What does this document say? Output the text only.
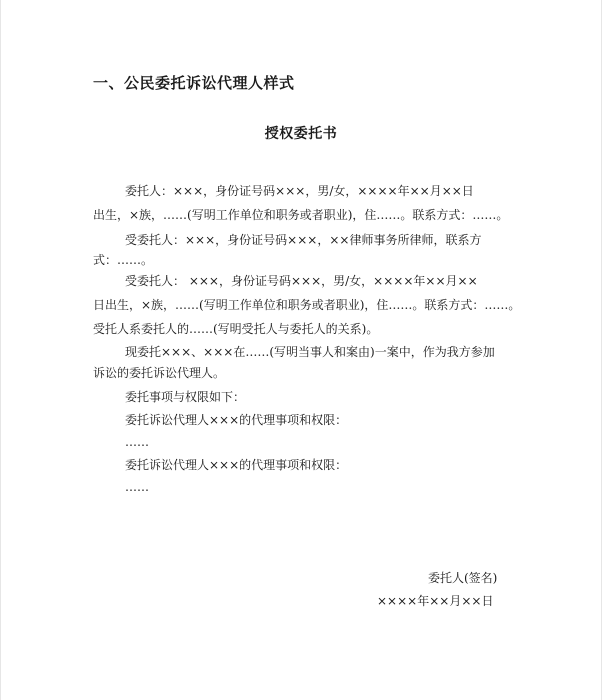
一、公民委托诉讼代理人样式
授权委托书
委托人：×××，身份证号码×××，男/女，××××年××月××日
出生，×族，……(写明工作单位和职务或者职业)，住……。联系方式：……。
受委托人：×××，身份证号码×××，××律师事务所律师，联系方
式：……。
受委托人： ×××，身份证号码×××，男/女，××××年××月××
日出生，×族，……(写明工作单位和职务或者职业)，住……。联系方式：……。
受托人系委托人的……(写明受托人与委托人的关系)。
现委托×××、×××在……(写明当事人和案由)一案中，作为我方参加
诉讼的委托诉讼代理人。
委托事项与权限如下：
委托诉讼代理人×××的代理事项和权限：
……
委托诉讼代理人×××的代理事项和权限：
……
委托人(签名)
××××年××月××日
